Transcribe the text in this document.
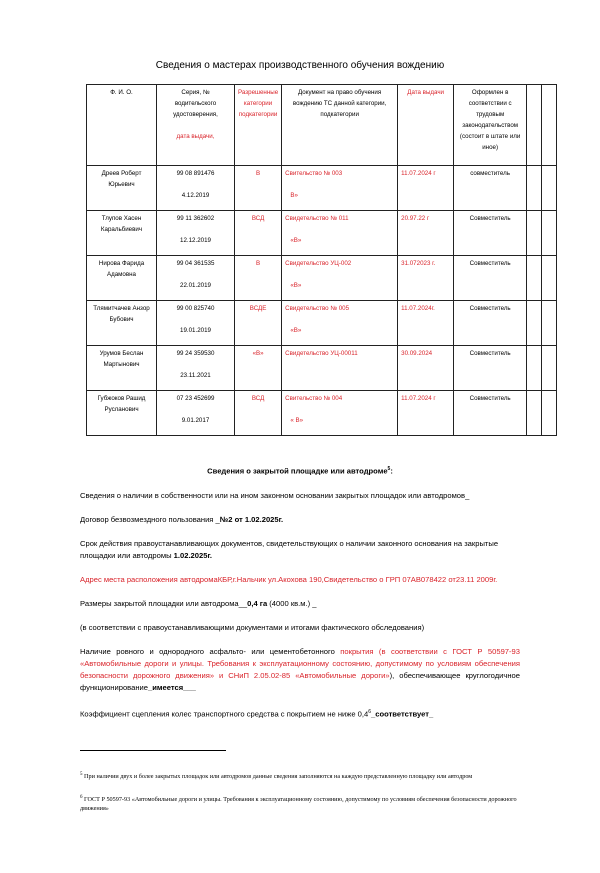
Сведения о мастерах производственного обучения вождению
Ф. И. О.	Серия, № водительского удостоверения,

дата выдачи,	Разрешенные категории подкатегории	Документ на право обучения вождению ТС данной категории, подкатегории	Дата выдачи	Оформлен в соответствии с трудовым законодательством (состоит в штате или иное)		
Дреев Роберт Юрьевич	99 08 891476

4.12.2019	В	Свительство № 003

В»	11.07.2024 г	совместитель		
Тлупов Хасен Каральбиевич	99 11 362602

12.12.2019	ВСД	Свидетельство № 011

«В»	20.97.22 г	Совместитель		
Нирова Фарида Адамовна	99 04 361535

22.01.2019	В	Свидетельство УЦ-002

«В»	31.072023 г.	Совместитель		
Тлямитчачев Анзор Бубович	99 00 825740

19.01.2019	ВСДЕ	Свидетельство № 005

«В»	11.07.2024г.	Совместитель		
Урумов Беслан Мартынович	99 24 359530

23.11.2021	«В»	Свидетельство УЦ-00011	30.09.2024	Совместитель		
Губжоков Рашид Русланович	07 23 452699

9.01.2017	ВСД	Свительство № 004

« В»	11.07.2024 г	Совместитель		
Сведения о закрытой площадке или автодроме$^5$:
Сведения о наличии в собственности или на ином законном основании закрытых площадок или автодромов_
Договор безвозмездного пользования _№2 от 1.02.2025г.
Срок действия правоустанавливающих документов, свидетельствующих о наличии законного основания на закрытые площадки или автодромы 1.02.2025г.
Адрес места расположения автодромаКБР,г.Нальчик ул.Акохова 190,Свидетельство о ГРП 07АВ078422 от23.11 2009г.
Размеры закрытой площадки или автодрома__0,4 га (4000 кв.м.) _
(в соответствии с правоустанавливающими документами и итогами фактического обследования)
Наличие ровного и однородного асфальто- или цементобетонного покрытия (в соответствии с ГОСТ Р 50597-93 «Автомобильные дороги и улицы. Требования к эксплуатационному состоянию, допустимому по условиям обеспечения безопасности дорожного движения» и СНиП 2.05.02-85 «Автомобильные дороги»), обеспечивающее круглогодичное функционирование_имеется___
Коэффициент сцепления колес транспортного средства с покрытием не ниже $0,4^6\_соответствует\_$
$^5$ При наличии двух и более закрытых площадок или автодромов данные сведения заполняются на каждую представленную площадку или автодром
$^6$ ГОСТ Р 50597-93 «Автомобильные дороги и улицы. Требования к эксплуатационному состоянию, допустимому по условиям обеспечения безопасности дорожного движения»
